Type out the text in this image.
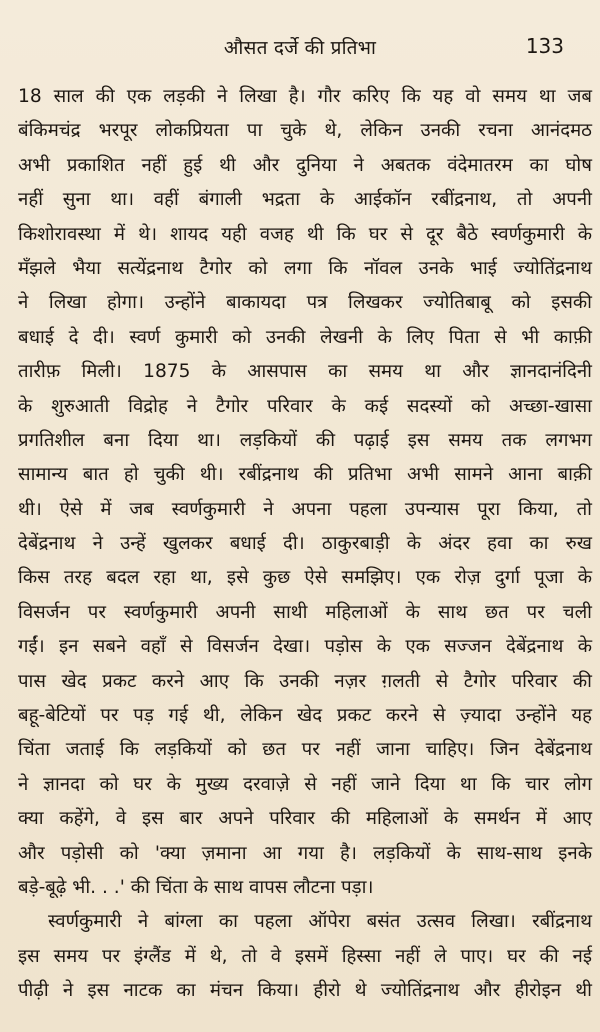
औसत दर्जे की प्रतिभा	133
18 साल की एक लड़की ने लिखा है। गौर करिए कि यह वो समय था जब
बंकिमचंद्र भरपूर लोकप्रियता पा चुके थे, लेकिन उनकी रचना आनंदमठ
अभी प्रकाशित नहीं हुई थी और दुनिया ने अबतक वंदेमातरम का घोष
नहीं सुना था। वहीं बंगाली भद्रता के आईकॉन रबींद्रनाथ, तो अपनी
किशोरावस्था में थे। शायद यही वजह थी कि घर से दूर बैठे स्वर्णकुमारी के
मँझले भैया सत्येंद्रनाथ टैगोर को लगा कि नॉवल उनके भाई ज्योतिंद्रनाथ
ने लिखा होगा। उन्होंने बाकायदा पत्र लिखकर ज्योतिबाबू को इसकी
बधाई दे दी। स्वर्ण कुमारी को उनकी लेखनी के लिए पिता से भी काफ़ी
तारीफ़ मिली। 1875 के आसपास का समय था और ज्ञानदानंदिनी
के शुरुआती विद्रोह ने टैगोर परिवार के कई सदस्यों को अच्छा-खासा
प्रगतिशील बना दिया था। लड़कियों की पढ़ाई इस समय तक लगभग
सामान्य बात हो चुकी थी। रबींद्रनाथ की प्रतिभा अभी सामने आना बाक़ी
थी। ऐसे में जब स्वर्णकुमारी ने अपना पहला उपन्यास पूरा किया, तो
देबेंद्रनाथ ने उन्हें खुलकर बधाई दी। ठाकुरबाड़ी के अंदर हवा का रुख
किस तरह बदल रहा था, इसे कुछ ऐसे समझिए। एक रोज़ दुर्गा पूजा के
विसर्जन पर स्वर्णकुमारी अपनी साथी महिलाओं के साथ छत पर चली
गईं। इन सबने वहाँ से विसर्जन देखा। पड़ोस के एक सज्जन देबेंद्रनाथ के
पास खेद प्रकट करने आए कि उनकी नज़र ग़लती से टैगोर परिवार की
बहू-बेटियों पर पड़ गई थी, लेकिन खेद प्रकट करने से ज़्यादा उन्होंने यह
चिंता जताई कि लड़कियों को छत पर नहीं जाना चाहिए। जिन देबेंद्रनाथ
ने ज्ञानदा को घर के मुख्य दरवाज़े से नहीं जाने दिया था कि चार लोग
क्या कहेंगे, वे इस बार अपने परिवार की महिलाओं के समर्थन में आए
और पड़ोसी को 'क्या ज़माना आ गया है। लड़कियों के साथ-साथ इनके
बड़े-बूढ़े भी. . .' की चिंता के साथ वापस लौटना पड़ा।
स्वर्णकुमारी ने बांग्ला का पहला ऑपेरा बसंत उत्सव लिखा। रबींद्रनाथ
इस समय पर इंग्लैंड में थे, तो वे इसमें हिस्सा नहीं ले पाए। घर की नई
पीढ़ी ने इस नाटक का मंचन किया। हीरो थे ज्योतिंद्रनाथ और हीरोइन थी
